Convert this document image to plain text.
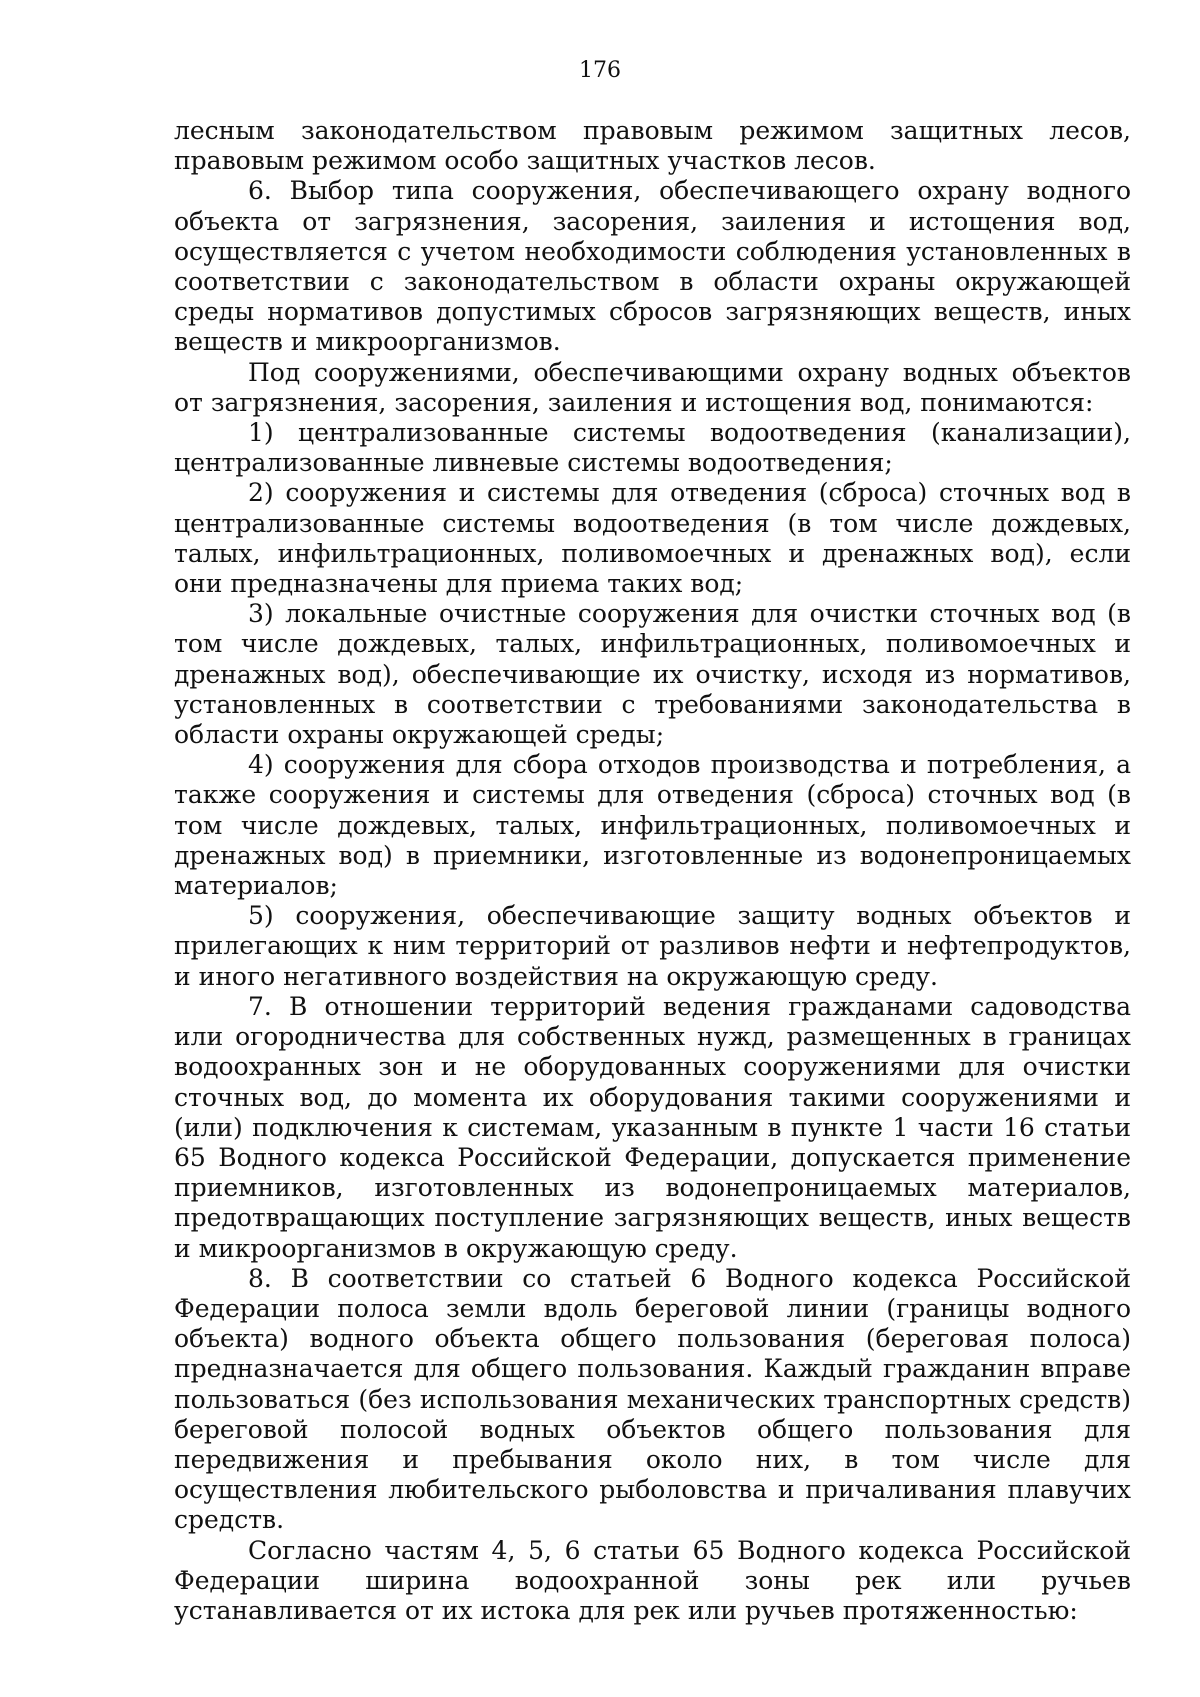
176

лесным законодательством правовым режимом защитных лесов, правовым режимом особо защитных участков лесов.

6. Выбор типа сооружения, обеспечивающего охрану водного объекта от загрязнения, засорения, заиления и истощения вод, осуществляется с учетом необходимости соблюдения установленных в соответствии с законодательством в области охраны окружающей среды нормативов допустимых сбросов загрязняющих веществ, иных веществ и микроорганизмов.

Под сооружениями, обеспечивающими охрану водных объектов от загрязнения, засорения, заиления и истощения вод, понимаются:

1) централизованные системы водоотведения (канализации), централизованные ливневые системы водоотведения;

2) сооружения и системы для отведения (сброса) сточных вод в централизованные системы водоотведения (в том числе дождевых, талых, инфильтрационных, поливомоечных и дренажных вод), если они предназначены для приема таких вод;

3) локальные очистные сооружения для очистки сточных вод (в том числе дождевых, талых, инфильтрационных, поливомоечных и дренажных вод), обеспечивающие их очистку, исходя из нормативов, установленных в соответствии с требованиями законодательства в области охраны окружающей среды;

4) сооружения для сбора отходов производства и потребления, а также сооружения и системы для отведения (сброса) сточных вод (в том числе дождевых, талых, инфильтрационных, поливомоечных и дренажных вод) в приемники, изготовленные из водонепроницаемых материалов;

5) сооружения, обеспечивающие защиту водных объектов и прилегающих к ним территорий от разливов нефти и нефтепродуктов, и иного негативного воздействия на окружающую среду.

7. В отношении территорий ведения гражданами садоводства или огородничества для собственных нужд, размещенных в границах водоохранных зон и не оборудованных сооружениями для очистки сточных вод, до момента их оборудования такими сооружениями и (или) подключения к системам, указанным в пункте 1 части 16 статьи 65 Водного кодекса Российской Федерации, допускается применение приемников, изготовленных из водонепроницаемых материалов, предотвращающих поступление загрязняющих веществ, иных веществ и микроорганизмов в окружающую среду.

8. В соответствии со статьей 6 Водного кодекса Российской Федерации полоса земли вдоль береговой линии (границы водного объекта) водного объекта общего пользования (береговая полоса) предназначается для общего пользования. Каждый гражданин вправе пользоваться (без использования механических транспортных средств) береговой полосой водных объектов общего пользования для передвижения и пребывания около них, в том числе для осуществления любительского рыболовства и причаливания плавучих средств.

Согласно частям 4, 5, 6 статьи 65 Водного кодекса Российской Федерации ширина водоохранной зоны рек или ручьев устанавливается от их истока для рек или ручьев протяженностью:
